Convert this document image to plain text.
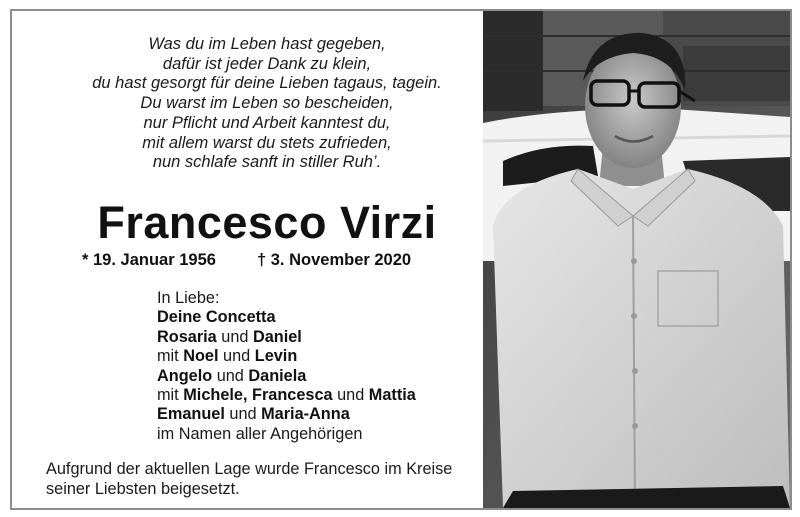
Was du im Leben hast gegeben,
dafür ist jeder Dank zu klein,
du hast gesorgt für deine Lieben tagaus, tagein.
Du warst im Leben so bescheiden,
nur Pflicht und Arbeit kanntest du,
mit allem warst du stets zufrieden,
nun schlafe sanft in stiller Ruh’.
Francesco Virzi
* 19. Januar 1956 † 3. November 2020
In Liebe:
Deine Concetta
Rosaria und Daniel
mit Noel und Levin
Angelo und Daniela
mit Michele, Francesca und Mattia
Emanuel und Maria-Anna
im Namen aller Angehörigen
Aufgrund der aktuellen Lage wurde Francesco im Kreise seiner Liebsten beigesetzt.
